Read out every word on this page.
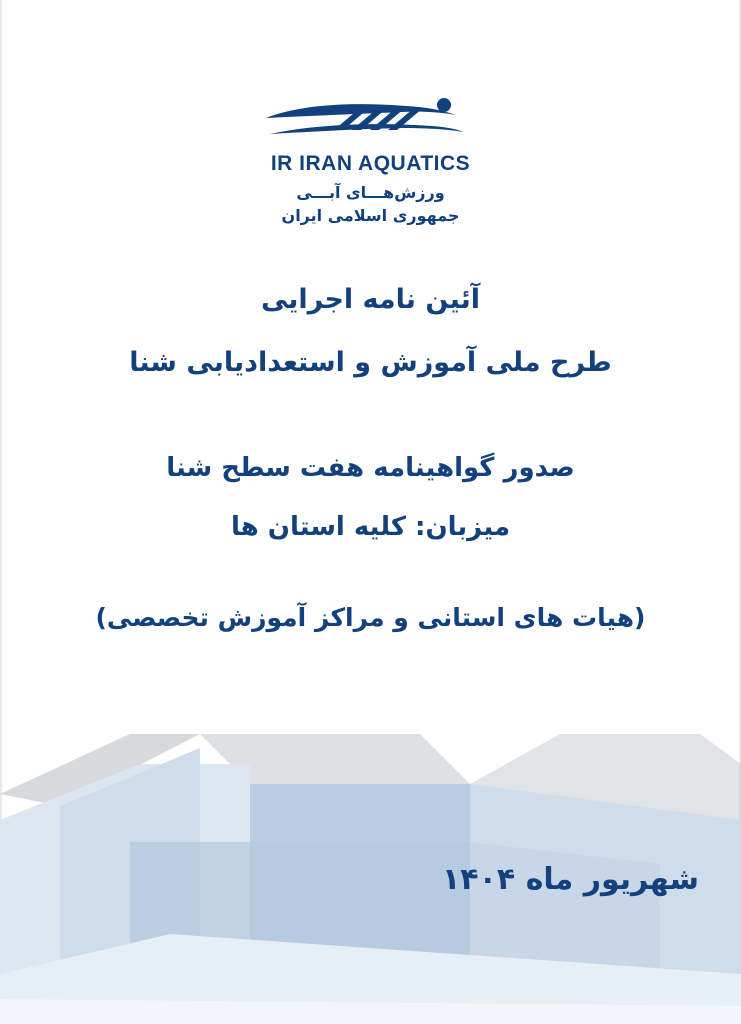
IR IRAN AQUATICS
ورزش‌هـــای آبـــی
جمهوری اسلامی ایران
آئین نامه اجرایی
طرح ملی آموزش و استعدادیابی شنا
صدور گواهینامه هفت سطح شنا
میزبان: کلیه استان ها
(هیات های استانی و مراکز آموزش تخصصی)
شهریور ماه ۱۴۰۴
